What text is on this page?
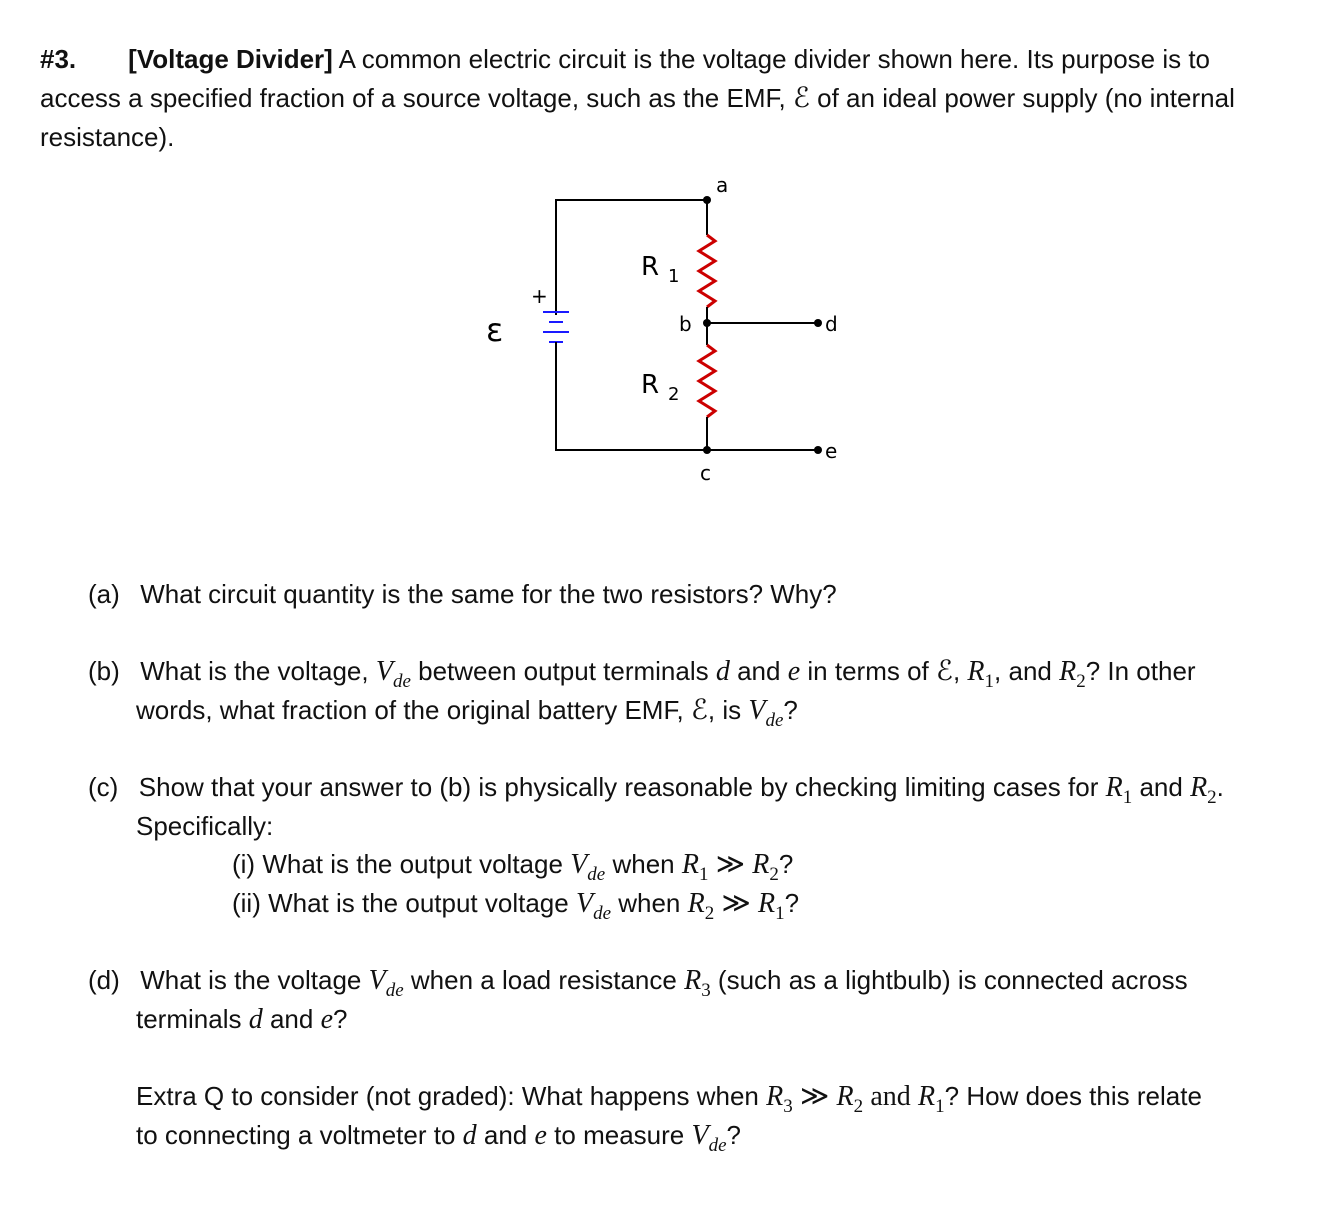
#3. [Voltage Divider] A common electric circuit is the voltage divider shown here. Its purpose is to
access a specified fraction of a source voltage, such as the EMF, ℰ of an ideal power supply (no internal
resistance).
a
b
c
d
e
R 1
R 2
ε
+
(a) What circuit quantity is the same for the two resistors? Why?
(b) What is the voltage, $V_{de}$ between output terminals d and e in terms of ℰ, $R_1$, and $R_2$? In other
words, what fraction of the original battery EMF, ℰ, is $V_{de}$?
(c) Show that your answer to (b) is physically reasonable by checking limiting cases for $R_1$ and $R_2$.
Specifically:
(i) What is the output voltage $V_{de}$ when $R_1$ ≫ $R_2$?
(ii) What is the output voltage $V_{de}$ when $R_2$ ≫ $R_1$?
(d) What is the voltage $V_{de}$ when a load resistance $R_3$ (such as a lightbulb) is connected across
terminals d and e?
Extra Q to consider (not graded): What happens when $R_3$ ≫ $R_2$ and $R_1$? How does this relate
to connecting a voltmeter to d and e to measure $V_{de}$?
